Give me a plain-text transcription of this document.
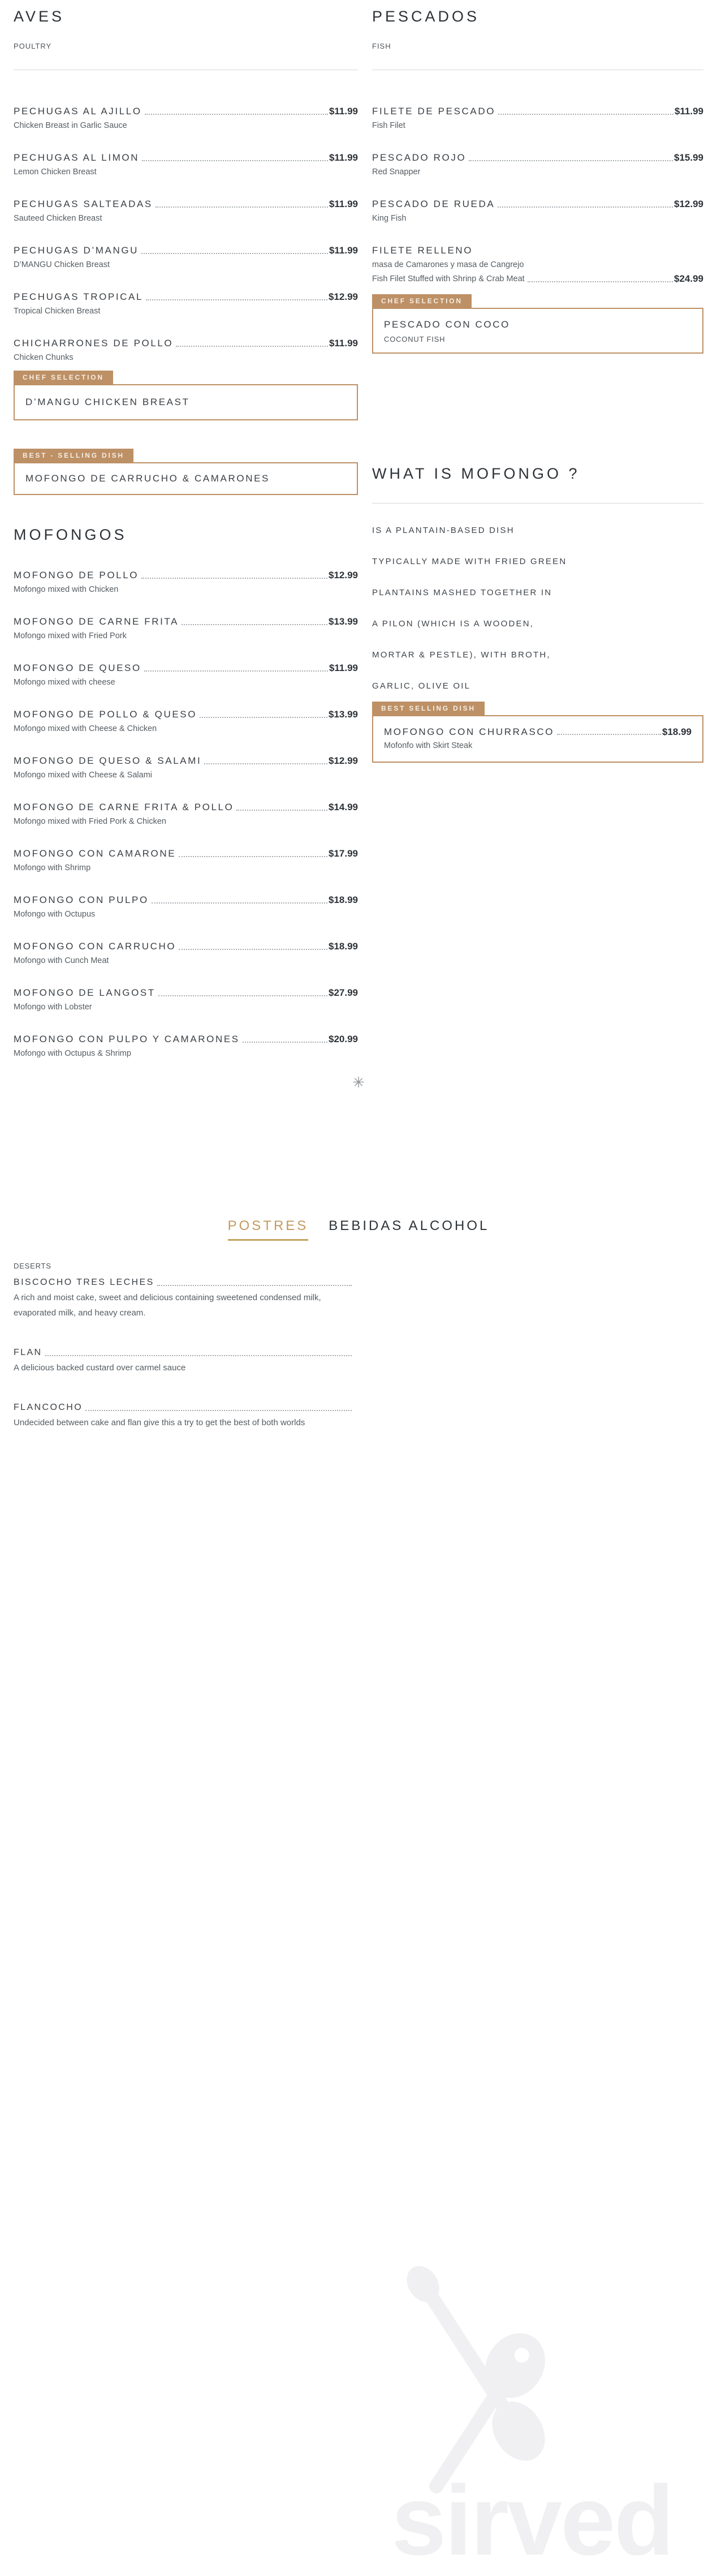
sirved
AVES
POULTRY
PECHUGAS AL AJILLO	$11.99
Chicken Breast in Garlic Sauce
PECHUGAS AL LIMON	$11.99
Lemon Chicken Breast
PECHUGAS SALTEADAS	$11.99
Sauteed Chicken Breast
PECHUGAS D’MANGU	$11.99
D’MANGU Chicken Breast
PECHUGAS TROPICAL	$12.99
Tropical Chicken Breast
CHICHARRONES DE POLLO	$11.99
Chicken Chunks
CHEF SELECTION
D’MANGU CHICKEN BREAST
BEST - SELLING DISH
MOFONGO DE CARRUCHO & CAMARONES
MOFONGOS
MOFONGO DE POLLO	$12.99
Mofongo mixed with Chicken
MOFONGO DE CARNE FRITA	$13.99
Mofongo mixed with Fried Pork
MOFONGO DE QUESO	$11.99
Mofongo mixed with cheese
MOFONGO DE POLLO & QUESO	$13.99
Mofongo mixed with Cheese & Chicken
MOFONGO DE QUESO & SALAMI	$12.99
Mofongo mixed with Cheese & Salami
MOFONGO DE CARNE FRITA & POLLO	$14.99
Mofongo mixed with Fried Pork & Chicken
MOFONGO CON CAMARONE	$17.99
Mofongo with Shrimp
MOFONGO CON PULPO	$18.99
Mofongo with Octupus
MOFONGO CON CARRUCHO	$18.99
Mofongo with Cunch Meat
MOFONGO DE LANGOST	$27.99
Mofongo with Lobster
MOFONGO CON PULPO Y CAMARONES	$20.99
Mofongo with Octupus & Shrimp
PESCADOS
FISH
FILETE DE PESCADO	$11.99
Fish Filet
PESCADO ROJO	$15.99
Red Snapper
PESCADO DE RUEDA	$12.99
King Fish
FILETE RELLENO
masa de Camarones y masa de Cangrejo
Fish Filet Stuffed with Shrinp & Crab Meat	$24.99
CHEF SELECTION
PESCADO CON COCO
COCONUT FISH
WHAT IS MOFONGO ?
IS A PLANTAIN-BASED DISH
TYPICALLY MADE WITH FRIED GREEN
PLANTAINS MASHED TOGETHER IN
A PILON (WHICH IS A WOODEN,
MORTAR & PESTLE), WITH BROTH,
GARLIC, OLIVE OIL
BEST SELLING DISH
MOFONGO CON CHURRASCO	$18.99
Mofonfo with Skirt Steak
✳
POSTRES BEBIDAS ALCOHOL
DESERTS
BISCOCHO TRES LECHES
A rich and moist cake, sweet and delicious containing sweetened condensed milk, evaporated milk, and heavy cream.
FLAN
A delicious backed custard over carmel sauce
FLANCOCHO
Undecided between cake and flan give this a try to get the best of both worlds
